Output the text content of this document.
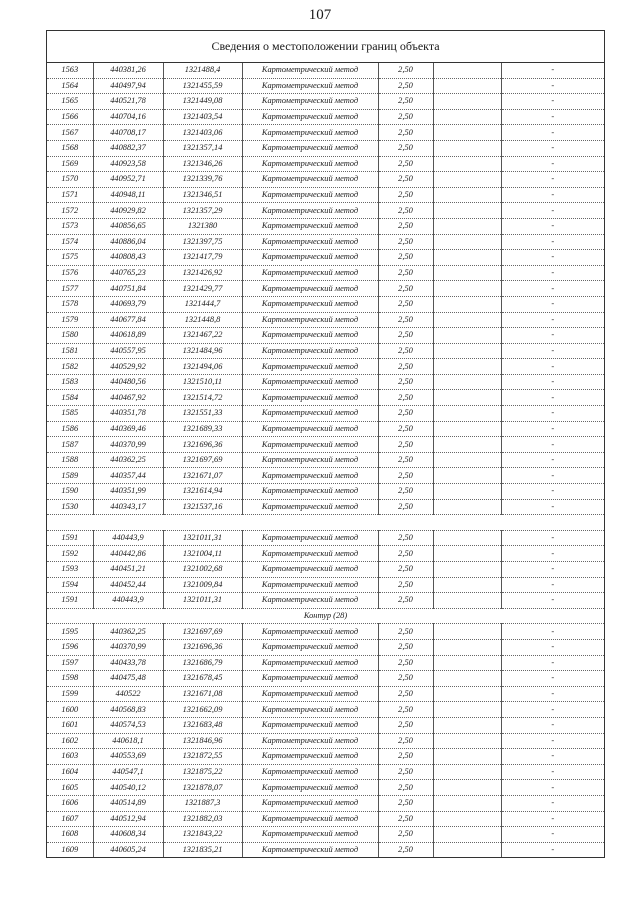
107
Сведения о местоположении границ объекта
1563	440381,26	1321488,4	Картометрический метод	2,50		-
1564	440497,94	1321455,59	Картометрический метод	2,50		-
1565	440521,78	1321449,08	Картометрический метод	2,50		-
1566	440704,16	1321403,54	Картометрический метод	2,50		-
1567	440708,17	1321403,06	Картометрический метод	2,50		-
1568	440882,37	1321357,14	Картометрический метод	2,50		-
1569	440923,58	1321346,26	Картометрический метод	2,50		-
1570	440952,71	1321339,76	Картометрический метод	2,50		-
1571	440948,11	1321346,51	Картометрический метод	2,50		-
1572	440929,82	1321357,29	Картометрический метод	2,50		-
1573	440856,65	1321380	Картометрический метод	2,50		-
1574	440886,04	1321397,75	Картометрический метод	2,50		-
1575	440808,43	1321417,79	Картометрический метод	2,50		-
1576	440765,23	1321426,92	Картометрический метод	2,50		-
1577	440751,84	1321429,77	Картометрический метод	2,50		-
1578	440693,79	1321444,7	Картометрический метод	2,50		-
1579	440677,84	1321448,8	Картометрический метод	2,50		-
1580	440618,89	1321467,22	Картометрический метод	2,50		-
1581	440557,95	1321484,96	Картометрический метод	2,50		-
1582	440529,92	1321494,06	Картометрический метод	2,50		-
1583	440480,56	1321510,11	Картометрический метод	2,50		-
1584	440467,92	1321514,72	Картометрический метод	2,50		-
1585	440351,78	1321551,33	Картометрический метод	2,50		-
1586	440369,46	1321689,33	Картометрический метод	2,50		-
1587	440370,99	1321696,36	Картометрический метод	2,50		-
1588	440362,25	1321697,69	Картометрический метод	2,50		-
1589	440357,44	1321671,07	Картометрический метод	2,50		-
1590	440351,99	1321614,94	Картометрический метод	2,50		-
1530	440343,17	1321537,16	Картометрический метод	2,50		-

1591	440443,9	1321011,31	Картометрический метод	2,50		-
1592	440442,86	1321004,11	Картометрический метод	2,50		-
1593	440451,21	1321002,68	Картометрический метод	2,50		-
1594	440452,44	1321009,84	Картометрический метод	2,50		-
1591	440443,9	1321011,31	Картометрический метод	2,50		-
Контур (28)						
1595	440362,25	1321697,69	Картометрический метод	2,50		-
1596	440370,99	1321696,36	Картометрический метод	2,50		-
1597	440433,78	1321686,79	Картометрический метод	2,50		-
1598	440475,48	1321678,45	Картометрический метод	2,50		-
1599	440522	1321671,08	Картометрический метод	2,50		-
1600	440568,83	1321662,09	Картометрический метод	2,50		-
1601	440574,53	1321683,48	Картометрический метод	2,50		-
1602	440618,1	1321846,96	Картометрический метод	2,50		-
1603	440553,69	1321872,55	Картометрический метод	2,50		-
1604	440547,1	1321875,22	Картометрический метод	2,50		-
1605	440540,12	1321878,07	Картометрический метод	2,50		-
1606	440514,89	1321887,3	Картометрический метод	2,50		-
1607	440512,94	1321882,03	Картометрический метод	2,50		-
1608	440608,34	1321843,22	Картометрический метод	2,50		-
1609	440605,24	1321835,21	Картометрический метод	2,50		-
